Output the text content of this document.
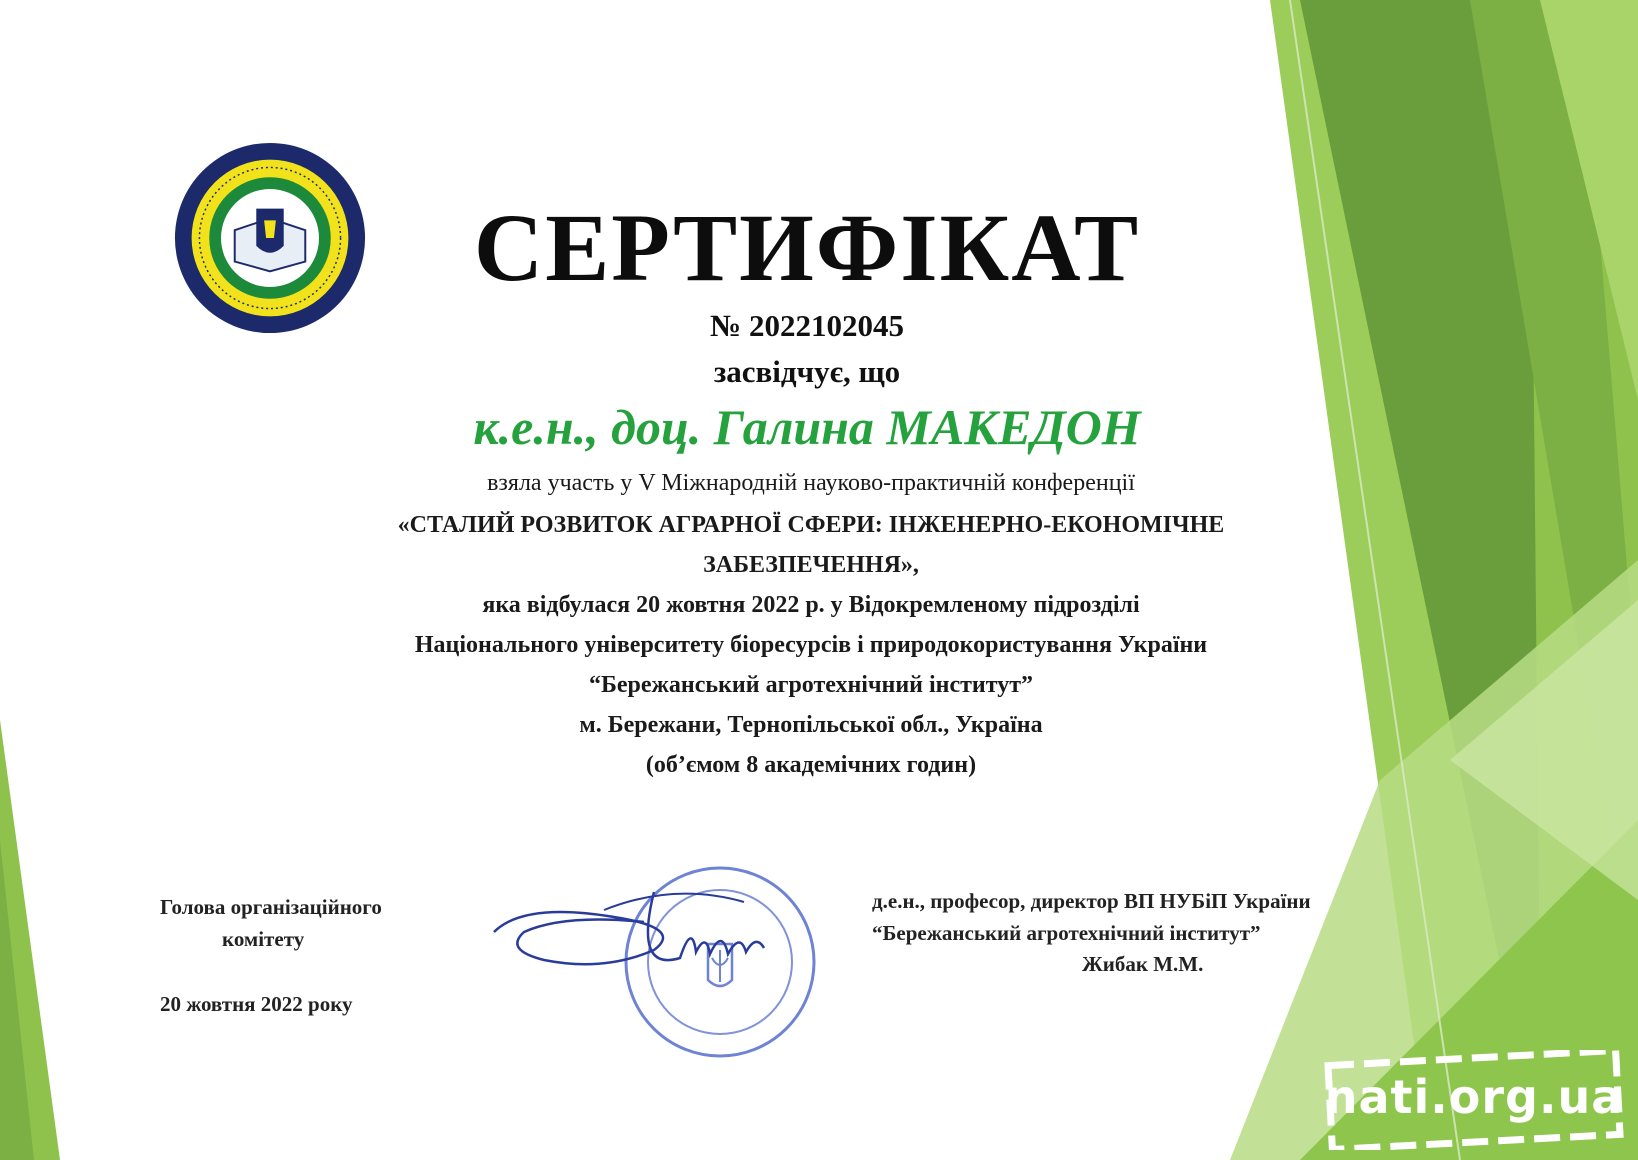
СЕРТИФІКАТ
№ 2022102045
засвідчує, що
к.е.н., доц. Галина МАКЕДОН
взяла участь у V Міжнародній науково-практичній конференції
«СТАЛИЙ РОЗВИТОК АГРАРНОЇ СФЕРИ: ІНЖЕНЕРНО-ЕКОНОМІЧНЕ
ЗАБЕЗПЕЧЕННЯ»,
яка відбулася 20 жовтня 2022 р. у Відокремленому підрозділі
Національного університету біоресурсів і природокористування України
“Бережанський агротехнічний інститут”
м. Бережани, Тернопільської обл., Україна
(об’ємом 8 академічних годин)
Голова організаційного
комітету
20 жовтня 2022 року
д.е.н., професор, директор ВП НУБіП України
“Бережанський агротехнічний інститут”
Жибак М.М.
nati.org.ua
